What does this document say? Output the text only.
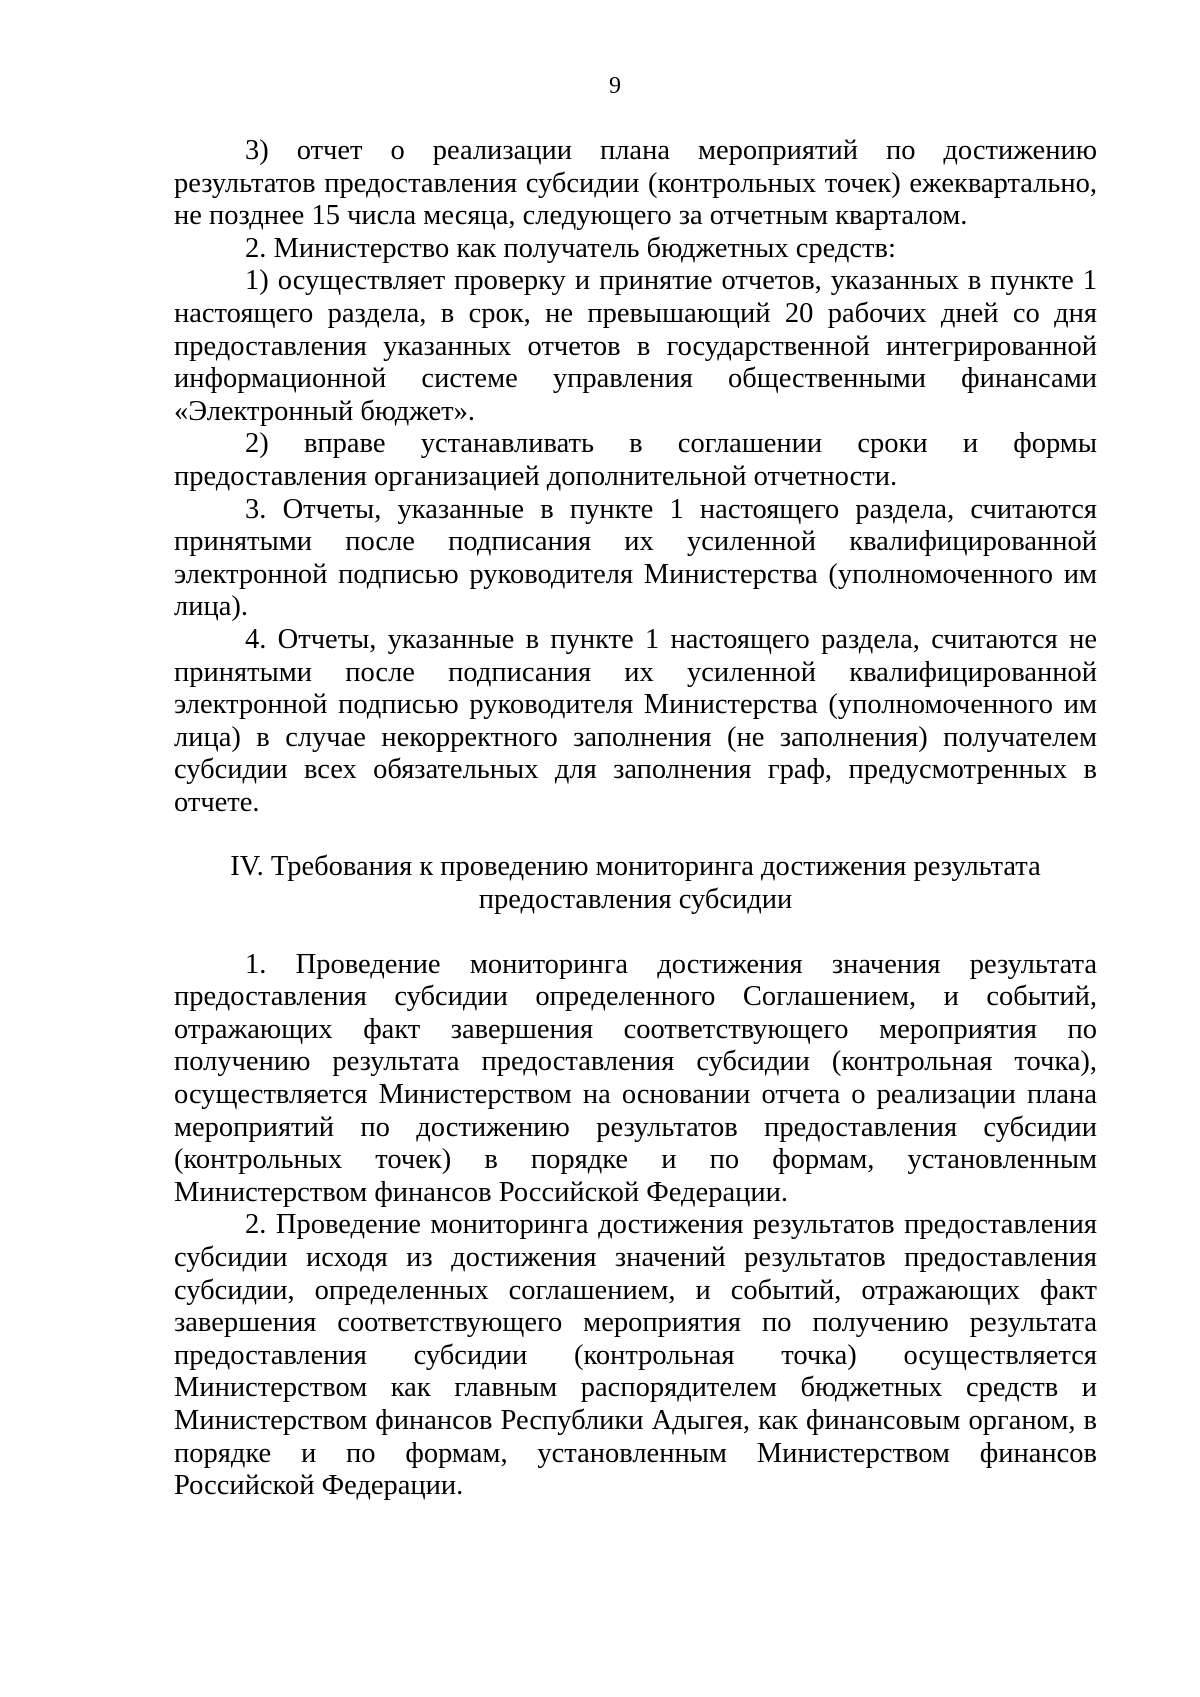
9

3) отчет о реализации плана мероприятий по достижению результатов предоставления субсидии (контрольных точек) ежеквартально, не позднее 15 числа месяца, следующего за отчетным кварталом.

2. Министерство как получатель бюджетных средств:

1) осуществляет проверку и принятие отчетов, указанных в пункте 1 настоящего раздела, в срок, не превышающий 20 рабочих дней со дня предоставления указанных отчетов в государственной интегрированной информационной системе управления общественными финансами «Электронный бюджет».

2) вправе устанавливать в соглашении сроки и формы предоставления организацией дополнительной отчетности.

3. Отчеты, указанные в пункте 1 настоящего раздела, считаются принятыми после подписания их усиленной квалифицированной электронной подписью руководителя Министерства (уполномоченного им лица).

4. Отчеты, указанные в пункте 1 настоящего раздела, считаются не принятыми после подписания их усиленной квалифицированной электронной подписью руководителя Министерства (уполномоченного им лица) в случае некорректного заполнения (не заполнения) получателем субсидии всех обязательных для заполнения граф, предусмотренных в отчете.

IV. Требования к проведению мониторинга достижения результата
предоставления субсидии

1. Проведение мониторинга достижения значения результата предоставления субсидии определенного Соглашением, и событий, отражающих факт завершения соответствующего мероприятия по получению результата предоставления субсидии (контрольная точка), осуществляется Министерством на основании отчета о реализации плана мероприятий по достижению результатов предоставления субсидии (контрольных точек) в порядке и по формам, установленным Министерством финансов Российской Федерации.

2. Проведение мониторинга достижения результатов предоставления субсидии исходя из достижения значений результатов предоставления субсидии, определенных соглашением, и событий, отражающих факт завершения соответствующего мероприятия по получению результата предоставления субсидии (контрольная точка) осуществляется Министерством как главным распорядителем бюджетных средств и Министерством финансов Республики Адыгея, как финансовым органом, в порядке и по формам, установленным Министерством финансов Российской Федерации.
